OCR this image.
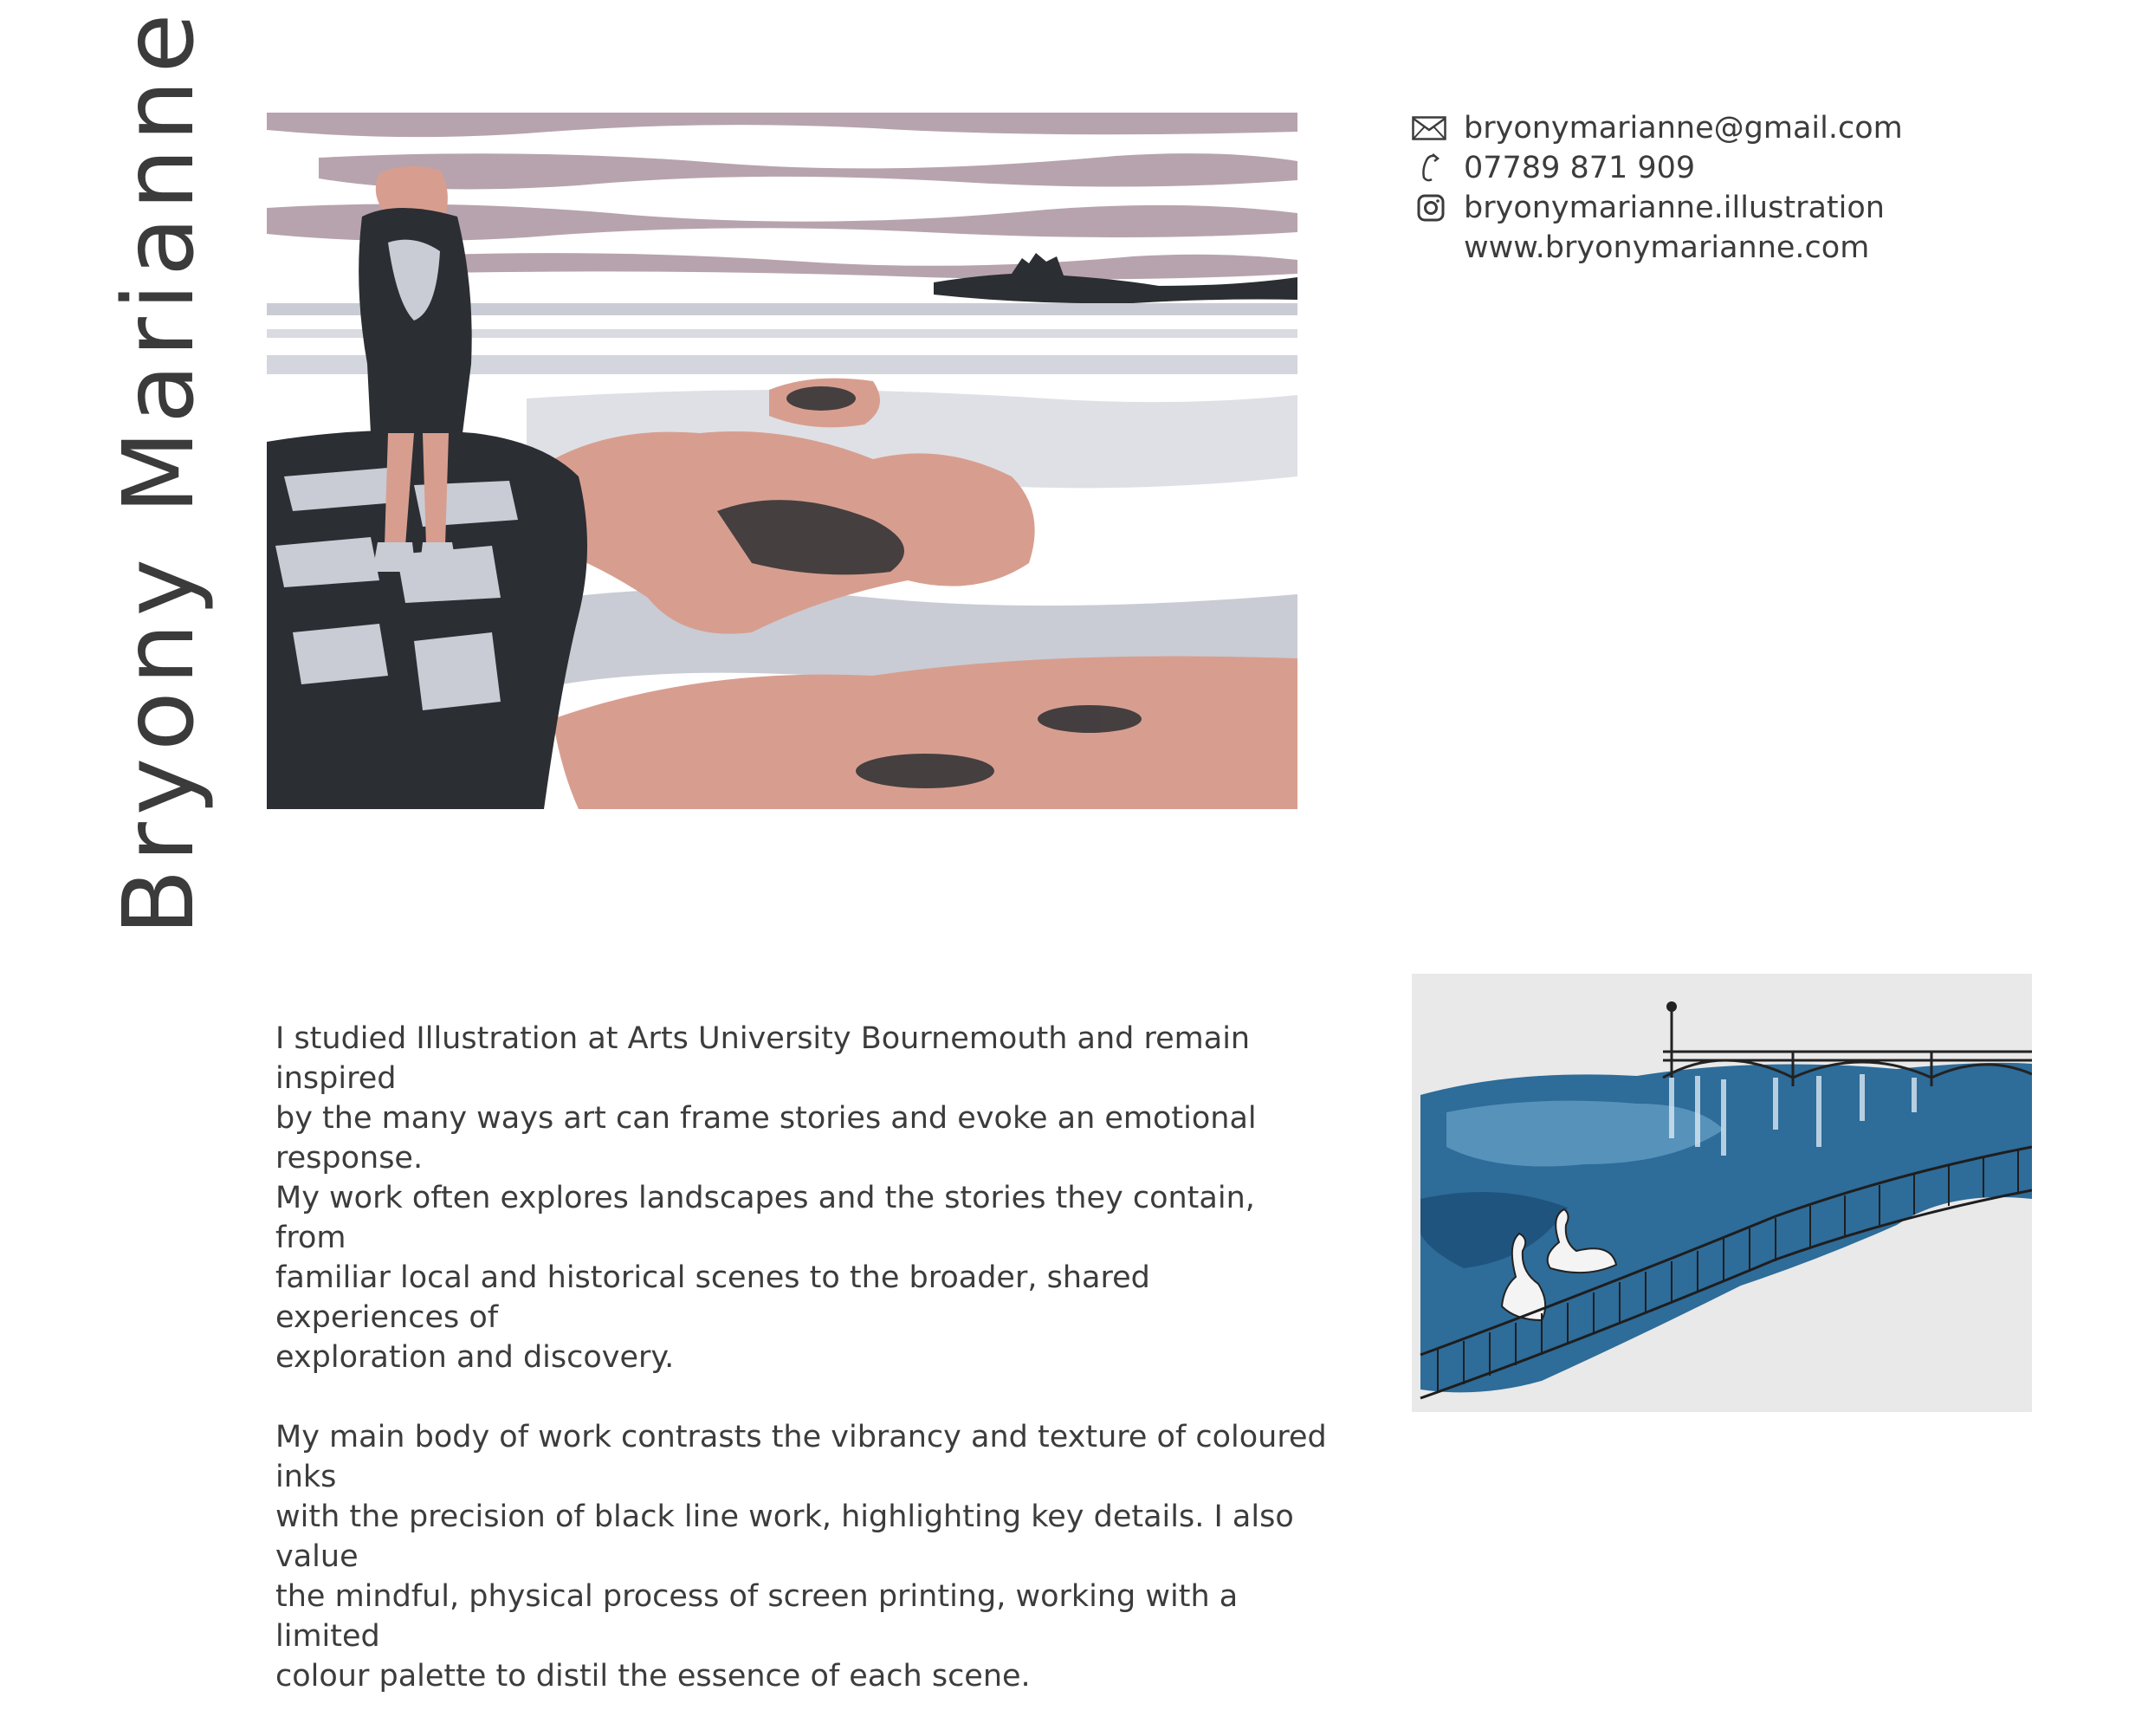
Bryony Marianne	bryonymarianne@gmail.com
07789 871 909
bryonymarianne.illustration
www.bryonymarianne.com

I studied Illustration at Arts University Bournemouth and remain inspired
by the many ways art can frame stories and evoke an emotional response.
My work often explores landscapes and the stories they contain, from
familiar local and historical scenes to the broader, shared experiences of
exploration and discovery.

My main body of work contrasts the vibrancy and texture of coloured inks
with the precision of black line work, highlighting key details. I also value
the mindful, physical process of screen printing, working with a limited
colour palette to distil the essence of each scene.
